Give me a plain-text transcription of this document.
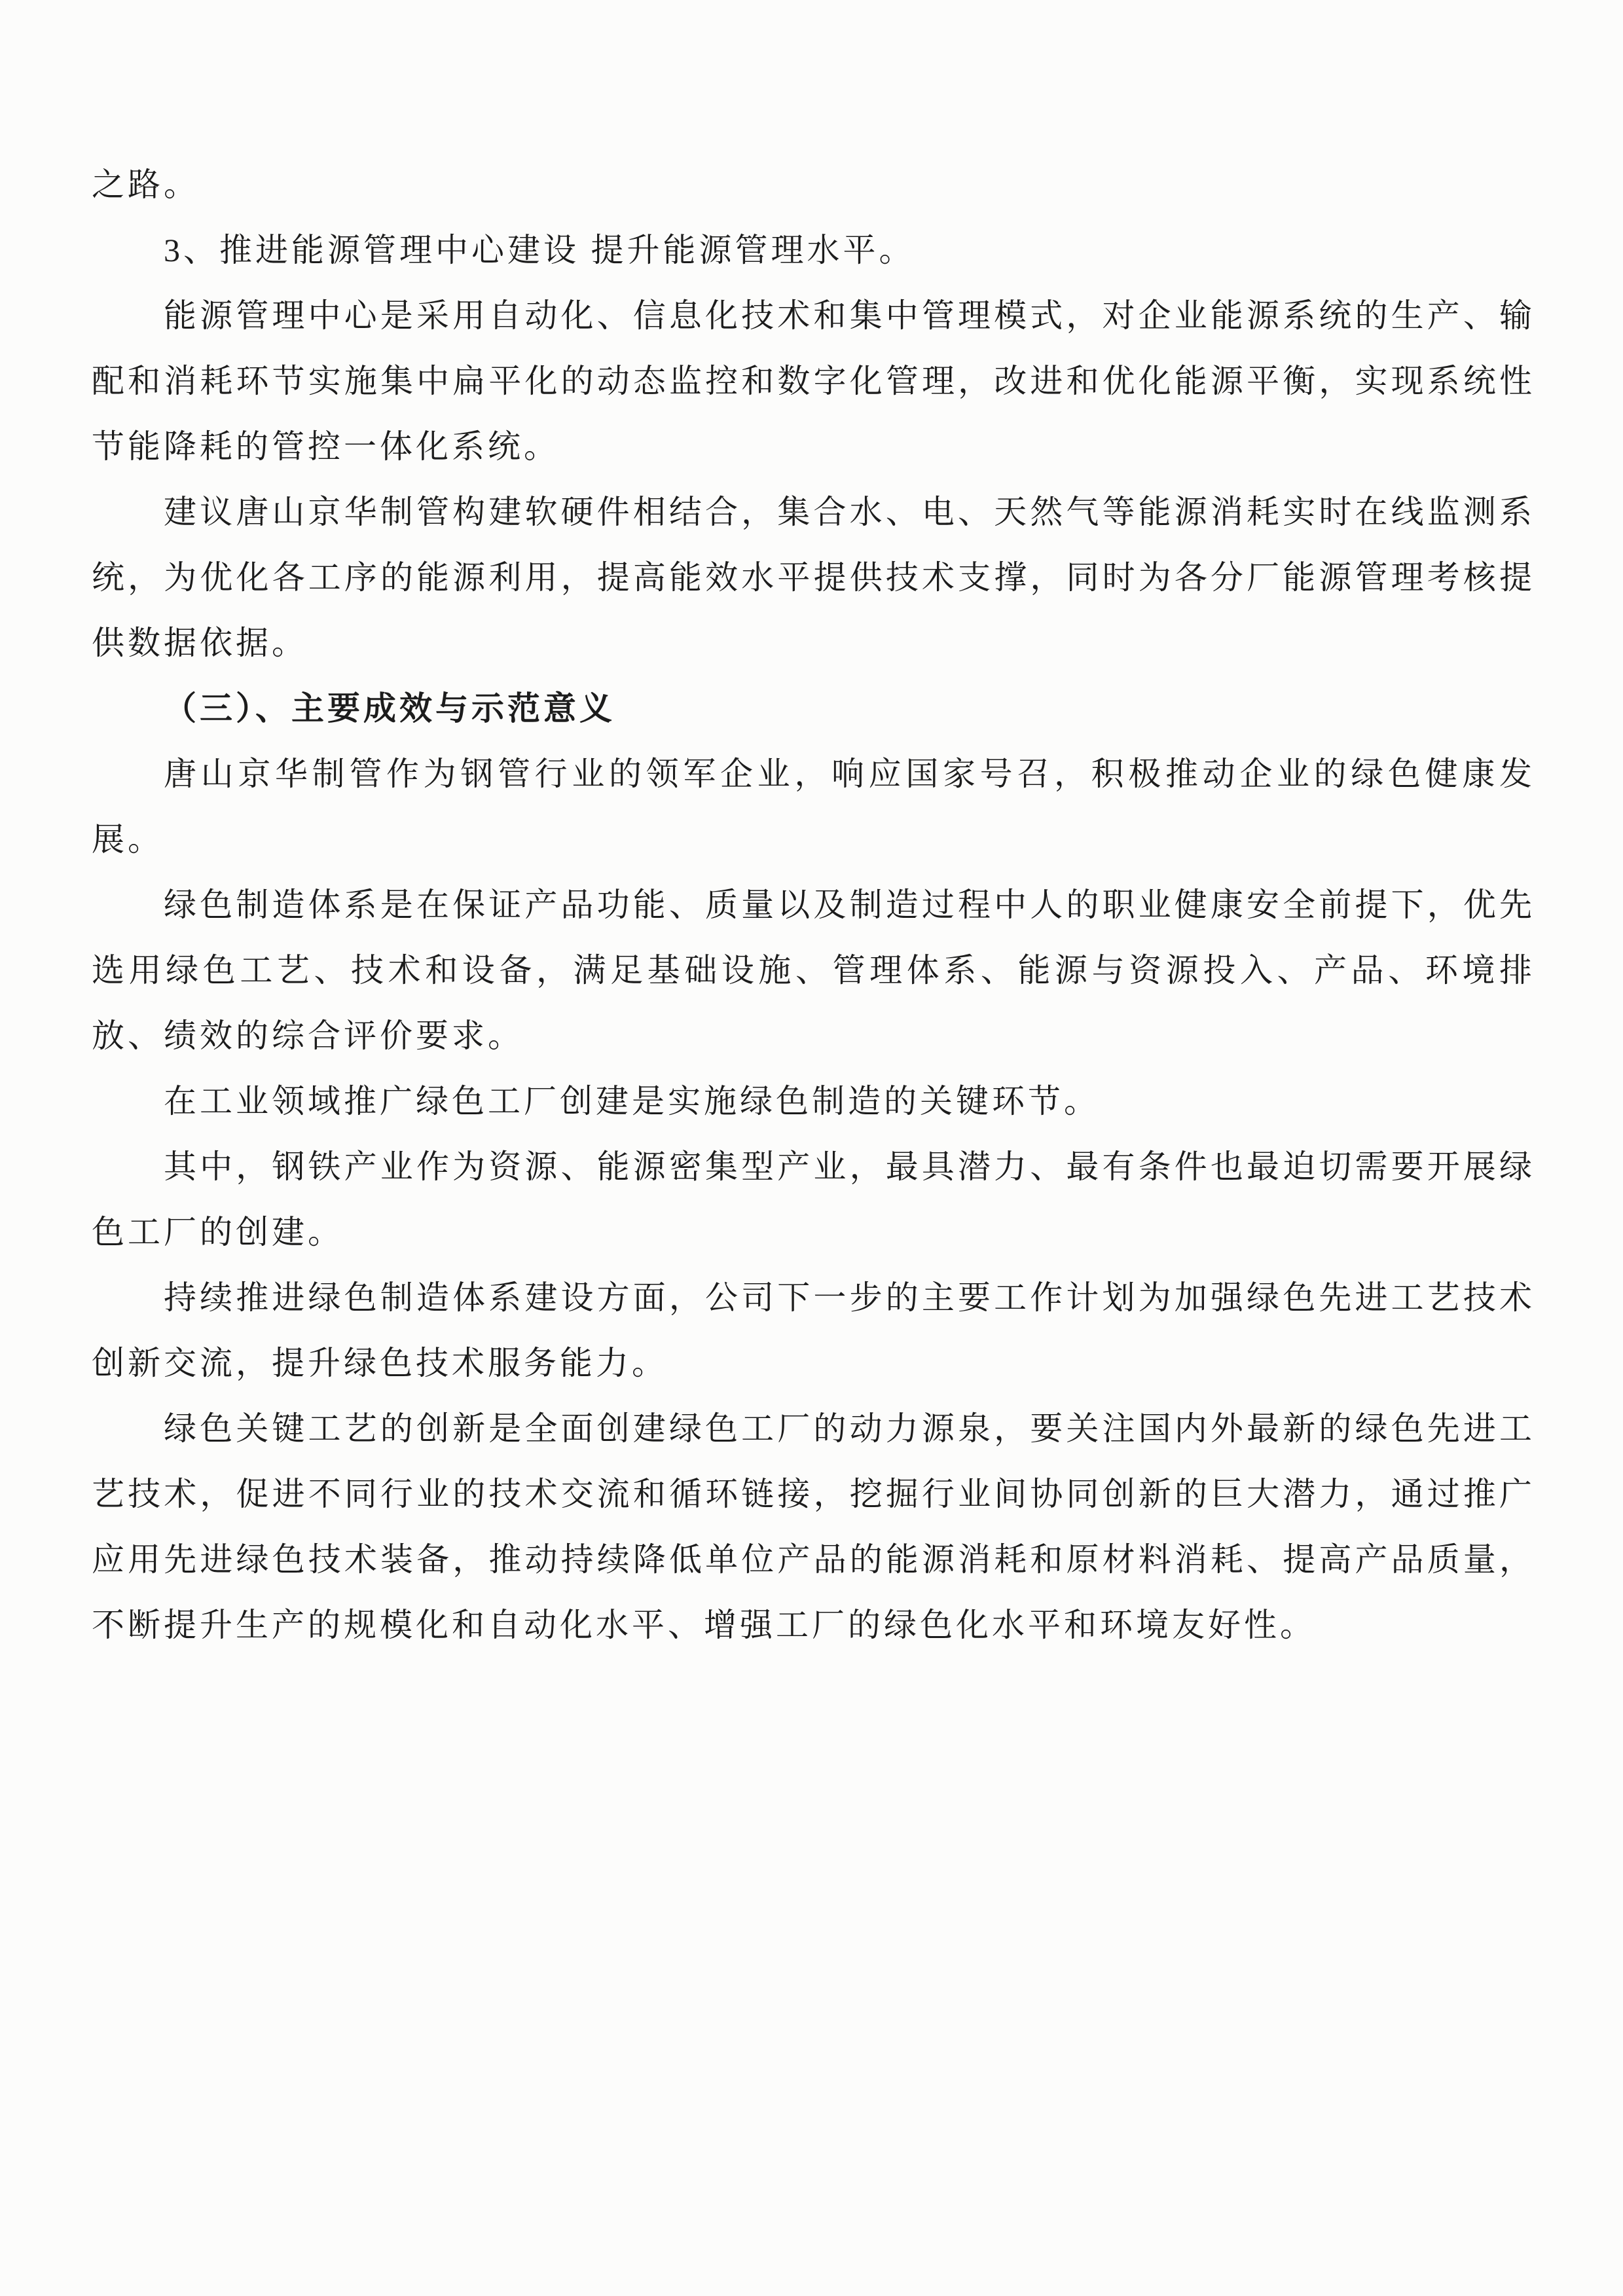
之路。

3、推进能源管理中心建设 提升能源管理水平。

能源管理中心是采用自动化、信息化技术和集中管理模式，对企业能源系统的生产、输配和消耗环节实施集中扁平化的动态监控和数字化管理，改进和优化能源平衡，实现系统性节能降耗的管控一体化系统。

建议唐山京华制管构建软硬件相结合，集合水、电、天然气等能源消耗实时在线监测系统，为优化各工序的能源利用，提高能效水平提供技术支撑，同时为各分厂能源管理考核提供数据依据。

（三）、主要成效与示范意义

唐山京华制管作为钢管行业的领军企业，响应国家号召，积极推动企业的绿色健康发展。

绿色制造体系是在保证产品功能、质量以及制造过程中人的职业健康安全前提下，优先选用绿色工艺、技术和设备，满足基础设施、管理体系、能源与资源投入、产品、环境排放、绩效的综合评价要求。

在工业领域推广绿色工厂创建是实施绿色制造的关键环节。

其中，钢铁产业作为资源、能源密集型产业，最具潜力、最有条件也最迫切需要开展绿色工厂的创建。

持续推进绿色制造体系建设方面，公司下一步的主要工作计划为加强绿色先进工艺技术创新交流，提升绿色技术服务能力。

绿色关键工艺的创新是全面创建绿色工厂的动力源泉，要关注国内外最新的绿色先进工艺技术，促进不同行业的技术交流和循环链接，挖掘行业间协同创新的巨大潜力，通过推广应用先进绿色技术装备，推动持续降低单位产品的能源消耗和原材料消耗、提高产品质量，不断提升生产的规模化和自动化水平、增强工厂的绿色化水平和环境友好性。
